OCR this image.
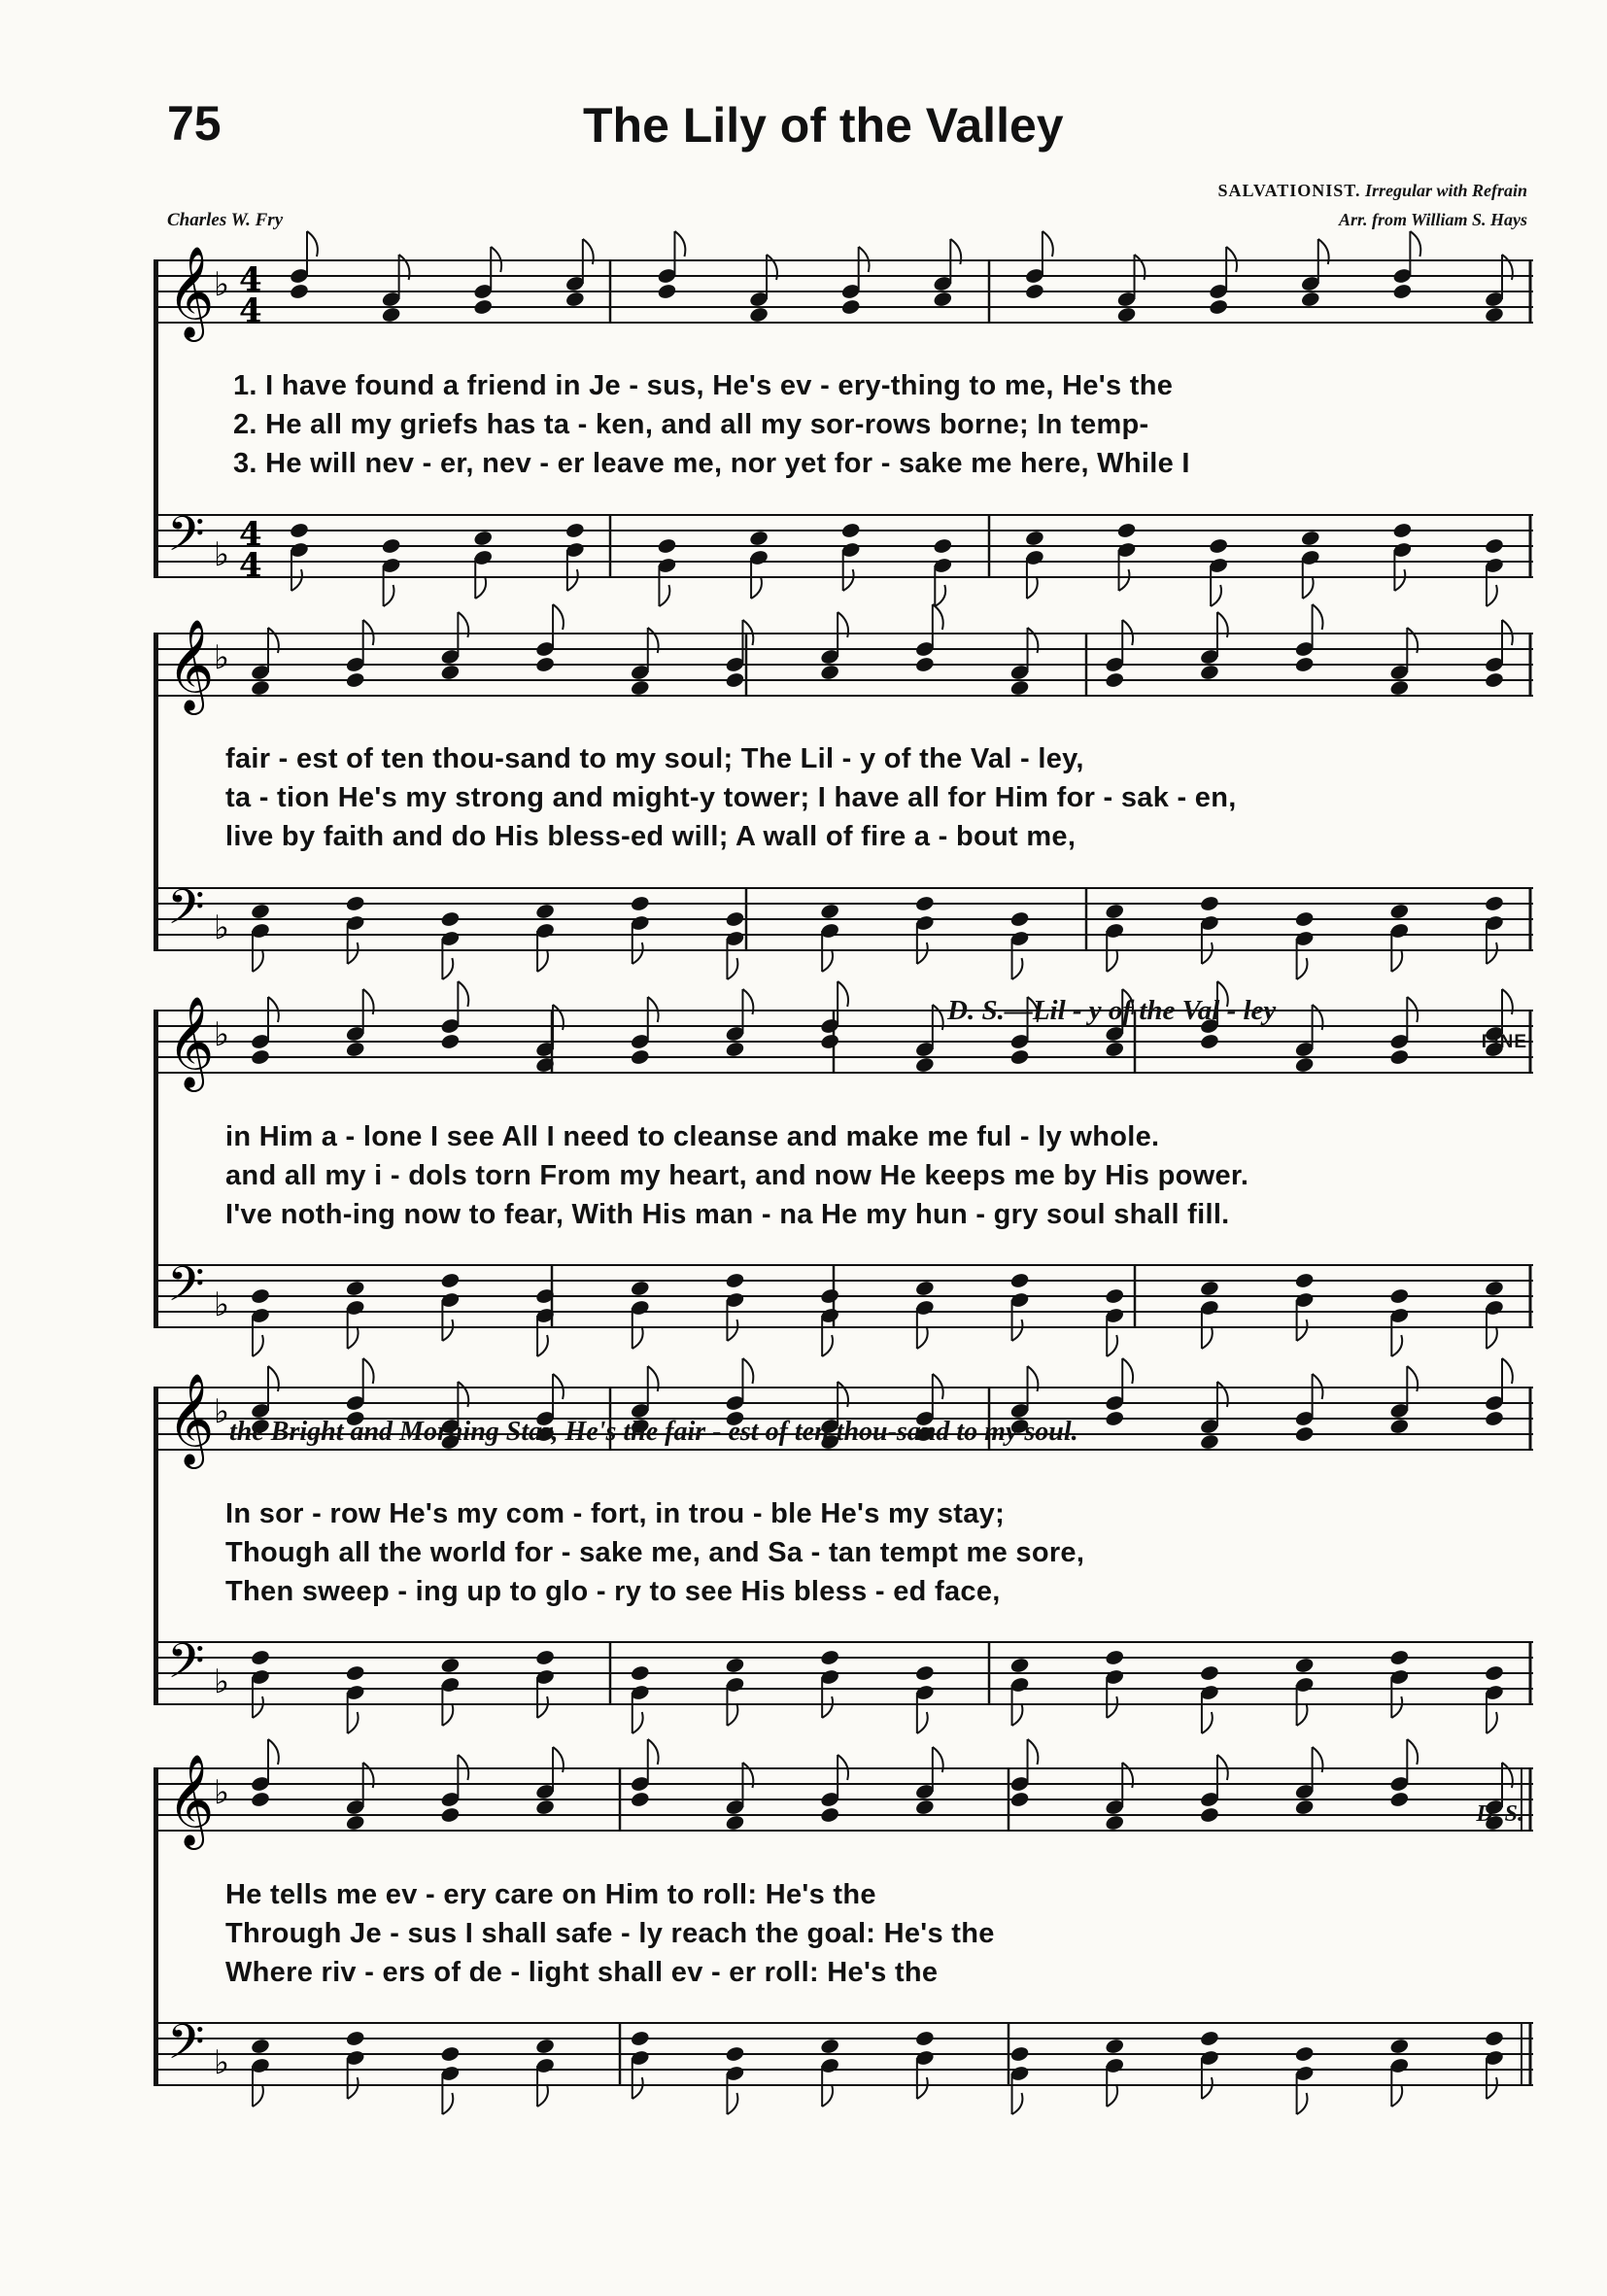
75	The Lily of the Valley
SALVATIONIST. Irregular with Refrain
Arr. from William S. Hays
Charles W. Fry
𝄞
𝄢
♭
♭
4
4
4
4
𝄞
𝄢
♭
♭
𝄞
𝄢
♭
♭
𝄞
𝄢
♭
♭
𝄞
𝄢
♭
♭
1. I have found a friend in Je - sus, He's ev - ery-thing to me, He's the
2. He all my griefs has ta - ken, and all my sor-rows borne; In temp-
3. He will nev - er, nev - er leave me, nor yet for - sake me here, While I
fair - est of ten thou-sand to my soul; The Lil - y of the Val - ley,
ta - tion He's my strong and might-y tower; I have all for Him for - sak - en,
live by faith and do His bless-ed will; A wall of fire a - bout me,
D. S.—Lil - y of the Val - ley
in Him a - lone I see All I need to cleanse and make me ful - ly whole.
and all my i - dols torn From my heart, and now He keeps me by His power.
I've noth-ing now to fear, With His man - na He my hun - gry soul shall fill.
the Bright and Morning Star, He's the fair - est of ten thou-sand to my soul.
FINE
In sor - row He's my com - fort, in trou - ble He's my stay;
Though all the world for - sake me, and Sa - tan tempt me sore,
Then sweep - ing up to glo - ry to see His bless - ed face,
He tells me ev - ery care on Him to roll: He's the
Through Je - sus I shall safe - ly reach the goal: He's the
Where riv - ers of de - light shall ev - er roll: He's the
D. S.
